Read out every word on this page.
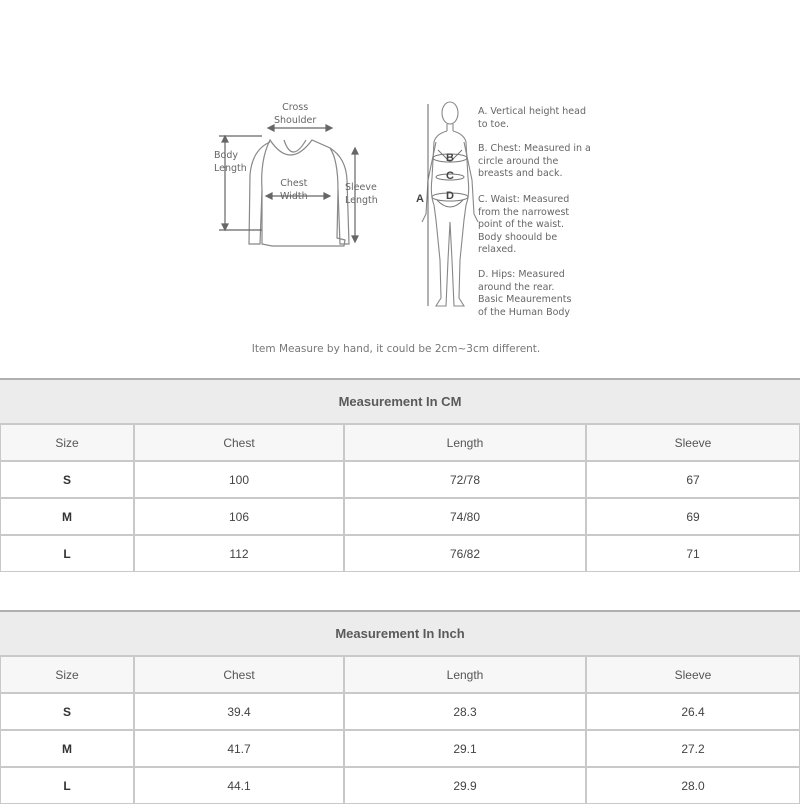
Cross
Shoulder
Body
Length
Chest
Width
Sleeve
Length	A
B
C
D
A. Vertical height head
to toe.
B. Chest: Measured in a
circle around the
breasts and back.
C. Waist: Measured
from the narrowest
point of the waist.
Body shoould be
relaxed.
D. Hips: Measured
around the rear.
Basic Meaurements
of the Human Body
Item Measure by hand, it could be 2cm~3cm different.
Measurement In CM			
Size	Chest	Length	Sleeve
S	100	72/78	67
M	106	74/80	69
L	112	76/82	71
Measurement In Inch			
Size	Chest	Length	Sleeve
S	39.4	28.3	26.4
M	41.7	29.1	27.2
L	44.1	29.9	28.0
